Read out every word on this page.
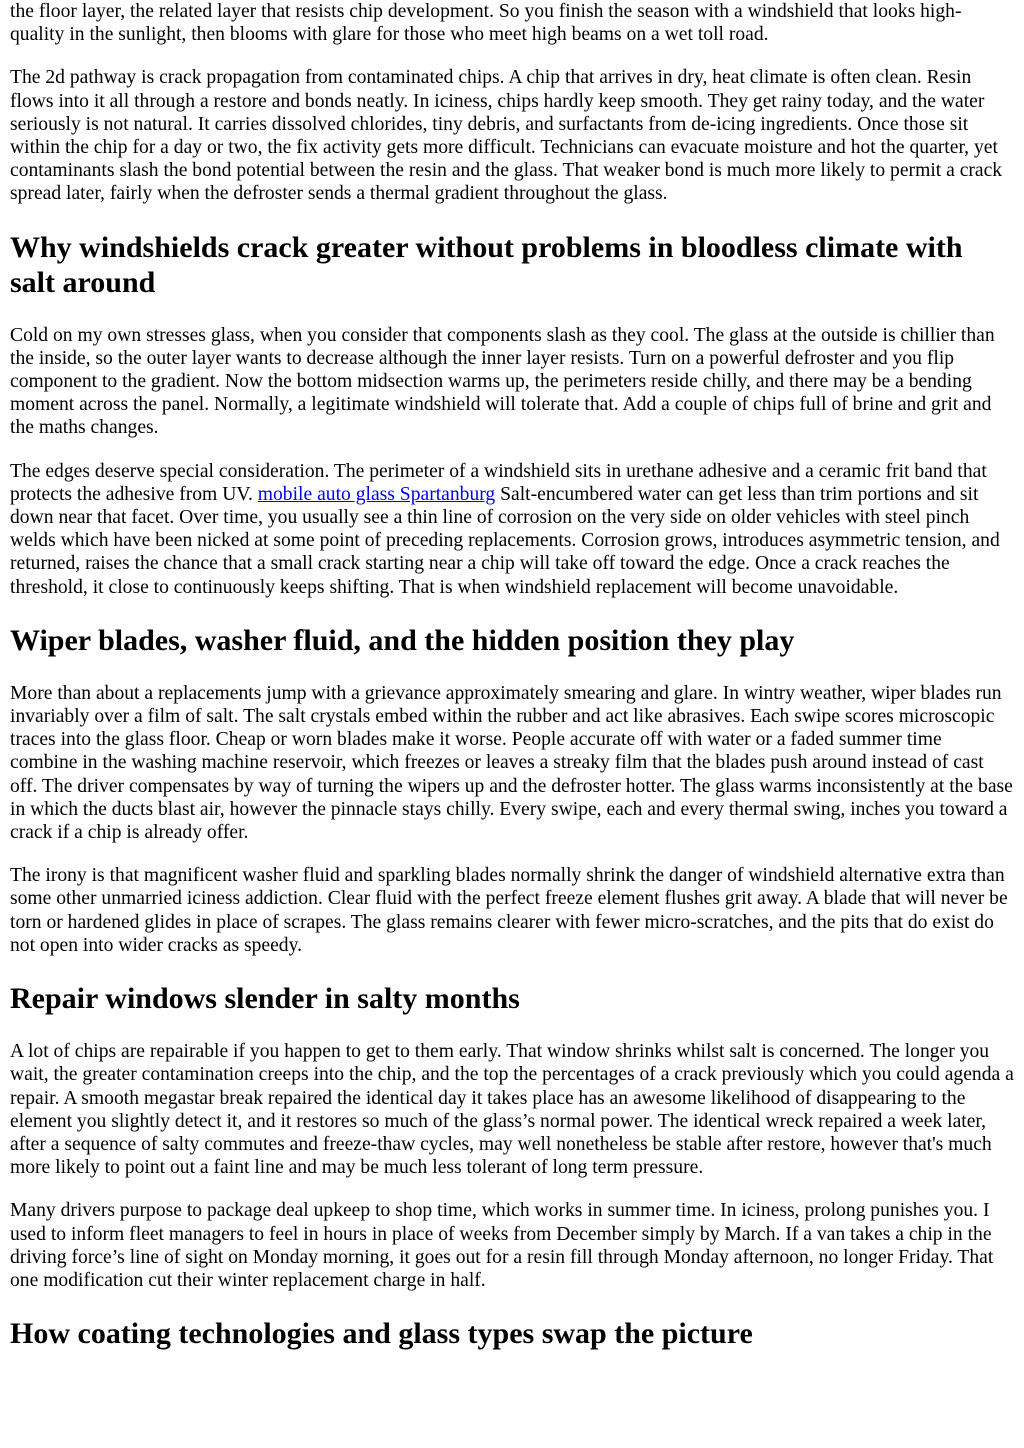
the floor layer, the related layer that resists chip development. So you finish the season with a windshield that looks high-quality in the sunlight, then blooms with glare for those who meet high beams on a wet toll road.

The 2d pathway is crack propagation from contaminated chips. A chip that arrives in dry, heat climate is often clean. Resin flows into it all through a restore and bonds neatly. In iciness, chips hardly keep smooth. They get rainy today, and the water seriously is not natural. It carries dissolved chlorides, tiny debris, and surfactants from de-icing ingredients. Once those sit within the chip for a day or two, the fix activity gets more difficult. Technicians can evacuate moisture and hot the quarter, yet contaminants slash the bond potential between the resin and the glass. That weaker bond is much more likely to permit a crack spread later, fairly when the defroster sends a thermal gradient throughout the glass.

Why windshields crack greater without problems in bloodless climate with salt around

Cold on my own stresses glass, when you consider that components slash as they cool. The glass at the outside is chillier than the inside, so the outer layer wants to decrease although the inner layer resists. Turn on a powerful defroster and you flip component to the gradient. Now the bottom midsection warms up, the perimeters reside chilly, and there may be a bending moment across the panel. Normally, a legitimate windshield will tolerate that. Add a couple of chips full of brine and grit and the maths changes.

The edges deserve special consideration. The perimeter of a windshield sits in urethane adhesive and a ceramic frit band that protects the adhesive from UV. mobile auto glass Spartanburg Salt-encumbered water can get less than trim portions and sit down near that facet. Over time, you usually see a thin line of corrosion on the very side on older vehicles with steel pinch welds which have been nicked at some point of preceding replacements. Corrosion grows, introduces asymmetric tension, and returned, raises the chance that a small crack starting near a chip will take off toward the edge. Once a crack reaches the threshold, it close to continuously keeps shifting. That is when windshield replacement will become unavoidable.

Wiper blades, washer fluid, and the hidden position they play

More than about a replacements jump with a grievance approximately smearing and glare. In wintry weather, wiper blades run invariably over a film of salt. The salt crystals embed within the rubber and act like abrasives. Each swipe scores microscopic traces into the glass floor. Cheap or worn blades make it worse. People accurate off with water or a faded summer time combine in the washing machine reservoir, which freezes or leaves a streaky film that the blades push around instead of cast off. The driver compensates by way of turning the wipers up and the defroster hotter. The glass warms inconsistently at the base in which the ducts blast air, however the pinnacle stays chilly. Every swipe, each and every thermal swing, inches you toward a crack if a chip is already offer.

The irony is that magnificent washer fluid and sparkling blades normally shrink the danger of windshield alternative extra than some other unmarried iciness addiction. Clear fluid with the perfect freeze element flushes grit away. A blade that will never be torn or hardened glides in place of scrapes. The glass remains clearer with fewer micro-scratches, and the pits that do exist do not open into wider cracks as speedy.

Repair windows slender in salty months

A lot of chips are repairable if you happen to get to them early. That window shrinks whilst salt is concerned. The longer you wait, the greater contamination creeps into the chip, and the top the percentages of a crack previously which you could agenda a repair. A smooth megastar break repaired the identical day it takes place has an awesome likelihood of disappearing to the element you slightly detect it, and it restores so much of the glass’s normal power. The identical wreck repaired a week later, after a sequence of salty commutes and freeze-thaw cycles, may well nonetheless be stable after restore, however that's much more likely to point out a faint line and may be much less tolerant of long term pressure.

Many drivers purpose to package deal upkeep to shop time, which works in summer time. In iciness, prolong punishes you. I used to inform fleet managers to feel in hours in place of weeks from December simply by March. If a van takes a chip in the driving force’s line of sight on Monday morning, it goes out for a resin fill through Monday afternoon, no longer Friday. That one modification cut their winter replacement charge in half.

How coating technologies and glass types swap the picture
